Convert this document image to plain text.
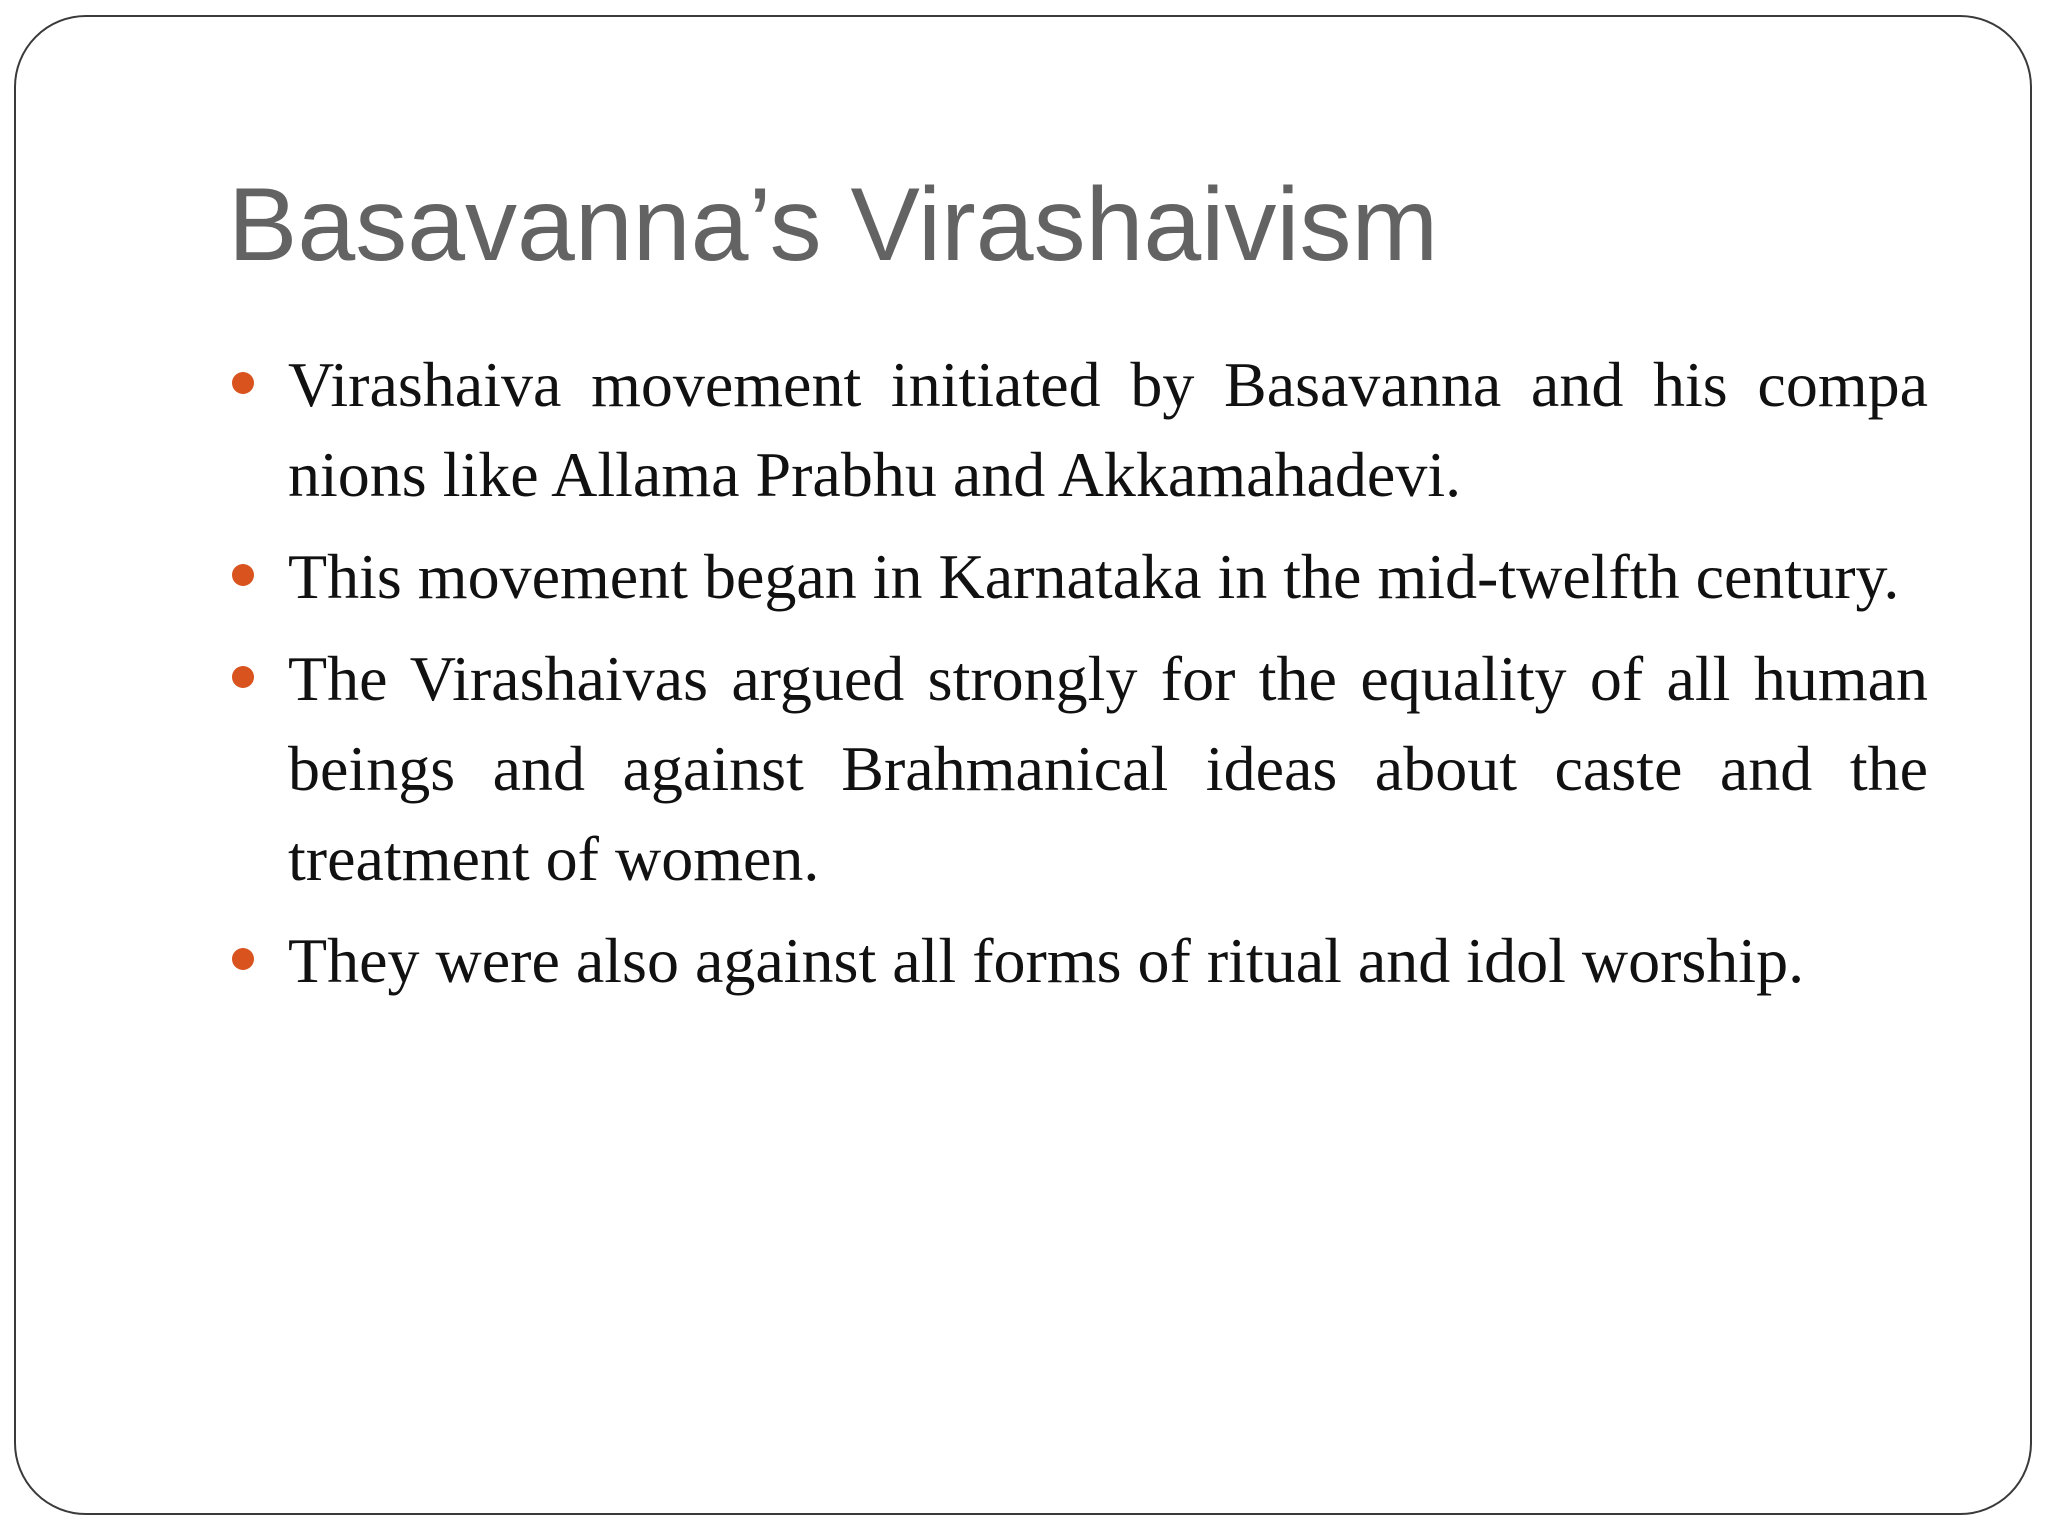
Basavanna’s Virashaivism
Virashaiva movement initiated by Basavanna and his compa nions like Allama Prabhu and Akkamahadevi.
This movement began in Karnataka in the mid-twelfth century.
The Virashaivas argued strongly for the equality of all human beings and against Brahmanical ideas about caste and the treatment of women.
They were also against all forms of ritual and idol worship.
